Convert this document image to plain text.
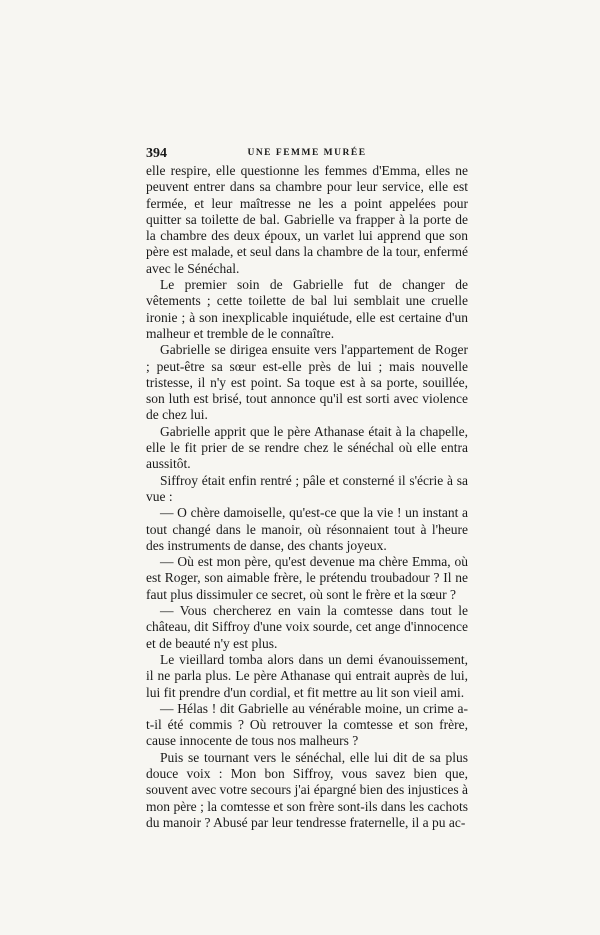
394	UNE FEMME MURÉE

elle respire, elle questionne les femmes d'Emma, elles ne peuvent entrer dans sa chambre pour leur service, elle est fermée, et leur maîtresse ne les a point appelées pour quitter sa toilette de bal. Gabrielle va frapper à la porte de la chambre des deux époux, un varlet lui apprend que son père est malade, et seul dans la chambre de la tour, enfermé avec le Sénéchal.

Le premier soin de Gabrielle fut de changer de vêtements ; cette toilette de bal lui semblait une cruelle ironie ; à son inexplicable inquiétude, elle est certaine d'un malheur et tremble de le connaître.

Gabrielle se dirigea ensuite vers l'appartement de Roger ; peut-être sa sœur est-elle près de lui ; mais nouvelle tristesse, il n'y est point. Sa toque est à sa porte, souillée, son luth est brisé, tout annonce qu'il est sorti avec violence de chez lui.

Gabrielle apprit que le père Athanase était à la chapelle, elle le fit prier de se rendre chez le sénéchal où elle entra aussitôt.

Siffroy était enfin rentré ; pâle et consterné il s'écrie à sa vue :

— O chère damoiselle, qu'est-ce que la vie ! un instant a tout changé dans le manoir, où résonnaient tout à l'heure des instruments de danse, des chants joyeux.

— Où est mon père, qu'est devenue ma chère Emma, où est Roger, son aimable frère, le prétendu troubadour ? Il ne faut plus dissimuler ce secret, où sont le frère et la sœur ?

— Vous chercherez en vain la comtesse dans tout le château, dit Siffroy d'une voix sourde, cet ange d'innocence et de beauté n'y est plus.

Le vieillard tomba alors dans un demi évanouissement, il ne parla plus. Le père Athanase qui entrait auprès de lui, lui fit prendre d'un cordial, et fit mettre au lit son vieil ami.

— Hélas ! dit Gabrielle au vénérable moine, un crime a-t-il été commis ? Où retrouver la comtesse et son frère, cause innocente de tous nos malheurs ?

Puis se tournant vers le sénéchal, elle lui dit de sa plus douce voix : Mon bon Siffroy, vous savez bien que, souvent avec votre secours j'ai épargné bien des injustices à mon père ; la comtesse et son frère sont-ils dans les cachots du manoir ? Abusé par leur tendresse fraternelle, il a pu ac-
